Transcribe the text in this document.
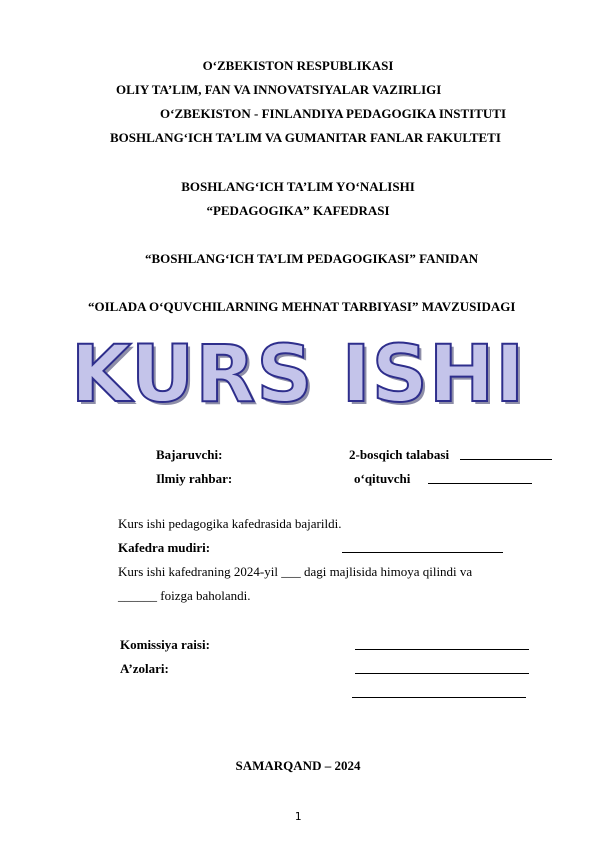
O‘ZBEKISTON RESPUBLIKASI
OLIY TA’LIM, FAN VA INNOVATSIYALAR VAZIRLIGI
O‘ZBEKISTON - FINLANDIYA PEDAGOGIKA INSTITUTI
BOSHLANG‘ICH TA’LIM VA GUMANITAR FANLAR FAKULTETI
BOSHLANG‘ICH TA’LIM YO‘NALISHI
“PEDAGOGIKA” KAFEDRASI
“BOSHLANG‘ICH TA’LIM PEDAGOGIKASI” FANIDAN
“OILADA O‘QUVCHILARNING MEHNAT TARBIYASI” MAVZUSIDAGI
KURS ISHI
Bajaruvchi:	2-bosqich talabasi
Ilmiy rahbar:	o‘qituvchi
Kurs ishi pedagogika kafedrasida bajarildi.
Kafedra mudiri:
Kurs ishi kafedraning 2024-yil ___ dagi majlisida himoya qilindi va
______ foizga baholandi.
Komissiya raisi:
A’zolari:
SAMARQAND – 2024
1
